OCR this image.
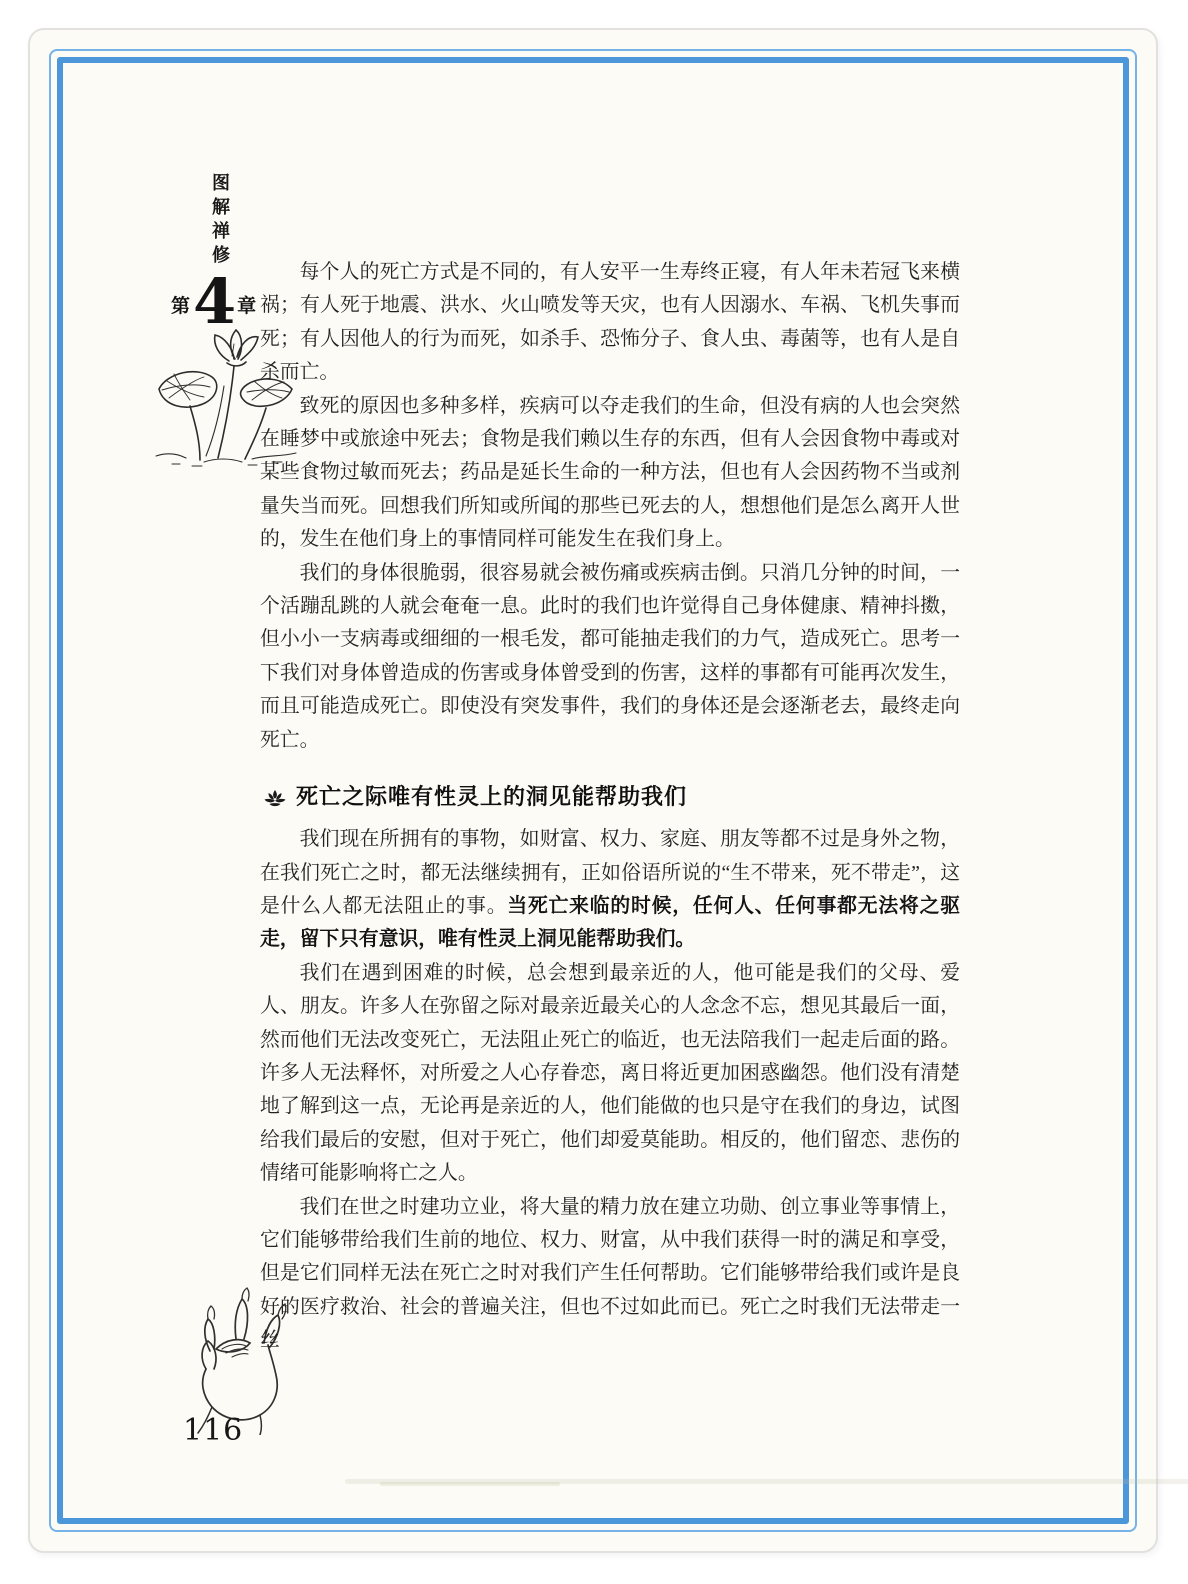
图解禅修
第 4 章
116

每个人的死亡方式是不同的，有人安平一生寿终正寝，有人年未若冠飞来横祸；有人死于地震、洪水、火山喷发等天灾，也有人因溺水、车祸、飞机失事而死；有人因他人的行为而死，如杀手、恐怖分子、食人虫、毒菌等，也有人是自杀而亡。

致死的原因也多种多样，疾病可以夺走我们的生命，但没有病的人也会突然在睡梦中或旅途中死去；食物是我们赖以生存的东西，但有人会因食物中毒或对某些食物过敏而死去；药品是延长生命的一种方法，但也有人会因药物不当或剂量失当而死。回想我们所知或所闻的那些已死去的人，想想他们是怎么离开人世的，发生在他们身上的事情同样可能发生在我们身上。

我们的身体很脆弱，很容易就会被伤痛或疾病击倒。只消几分钟的时间，一个活蹦乱跳的人就会奄奄一息。此时的我们也许觉得自己身体健康、精神抖擞，但小小一支病毒或细细的一根毛发，都可能抽走我们的力气，造成死亡。思考一下我们对身体曾造成的伤害或身体曾受到的伤害，这样的事都有可能再次发生，而且可能造成死亡。即使没有突发事件，我们的身体还是会逐渐老去，最终走向死亡。

死亡之际唯有性灵上的洞见能帮助我们

我们现在所拥有的事物，如财富、权力、家庭、朋友等都不过是身外之物，在我们死亡之时，都无法继续拥有，正如俗语所说的“生不带来，死不带走”，这是什么人都无法阻止的事。当死亡来临的时候，任何人、任何事都无法将之驱走，留下只有意识，唯有性灵上洞见能帮助我们。

我们在遇到困难的时候，总会想到最亲近的人，他可能是我们的父母、爱人、朋友。许多人在弥留之际对最亲近最关心的人念念不忘，想见其最后一面，然而他们无法改变死亡，无法阻止死亡的临近，也无法陪我们一起走后面的路。许多人无法释怀，对所爱之人心存眷恋，离日将近更加困惑幽怨。他们没有清楚地了解到这一点，无论再是亲近的人，他们能做的也只是守在我们的身边，试图给我们最后的安慰，但对于死亡，他们却爱莫能助。相反的，他们留恋、悲伤的情绪可能影响将亡之人。

我们在世之时建功立业，将大量的精力放在建立功勋、创立事业等事情上，它们能够带给我们生前的地位、权力、财富，从中我们获得一时的满足和享受，但是它们同样无法在死亡之时对我们产生任何帮助。它们能够带给我们或许是良好的医疗救治、社会的普遍关注，但也不过如此而已。死亡之时我们无法带走一丝
